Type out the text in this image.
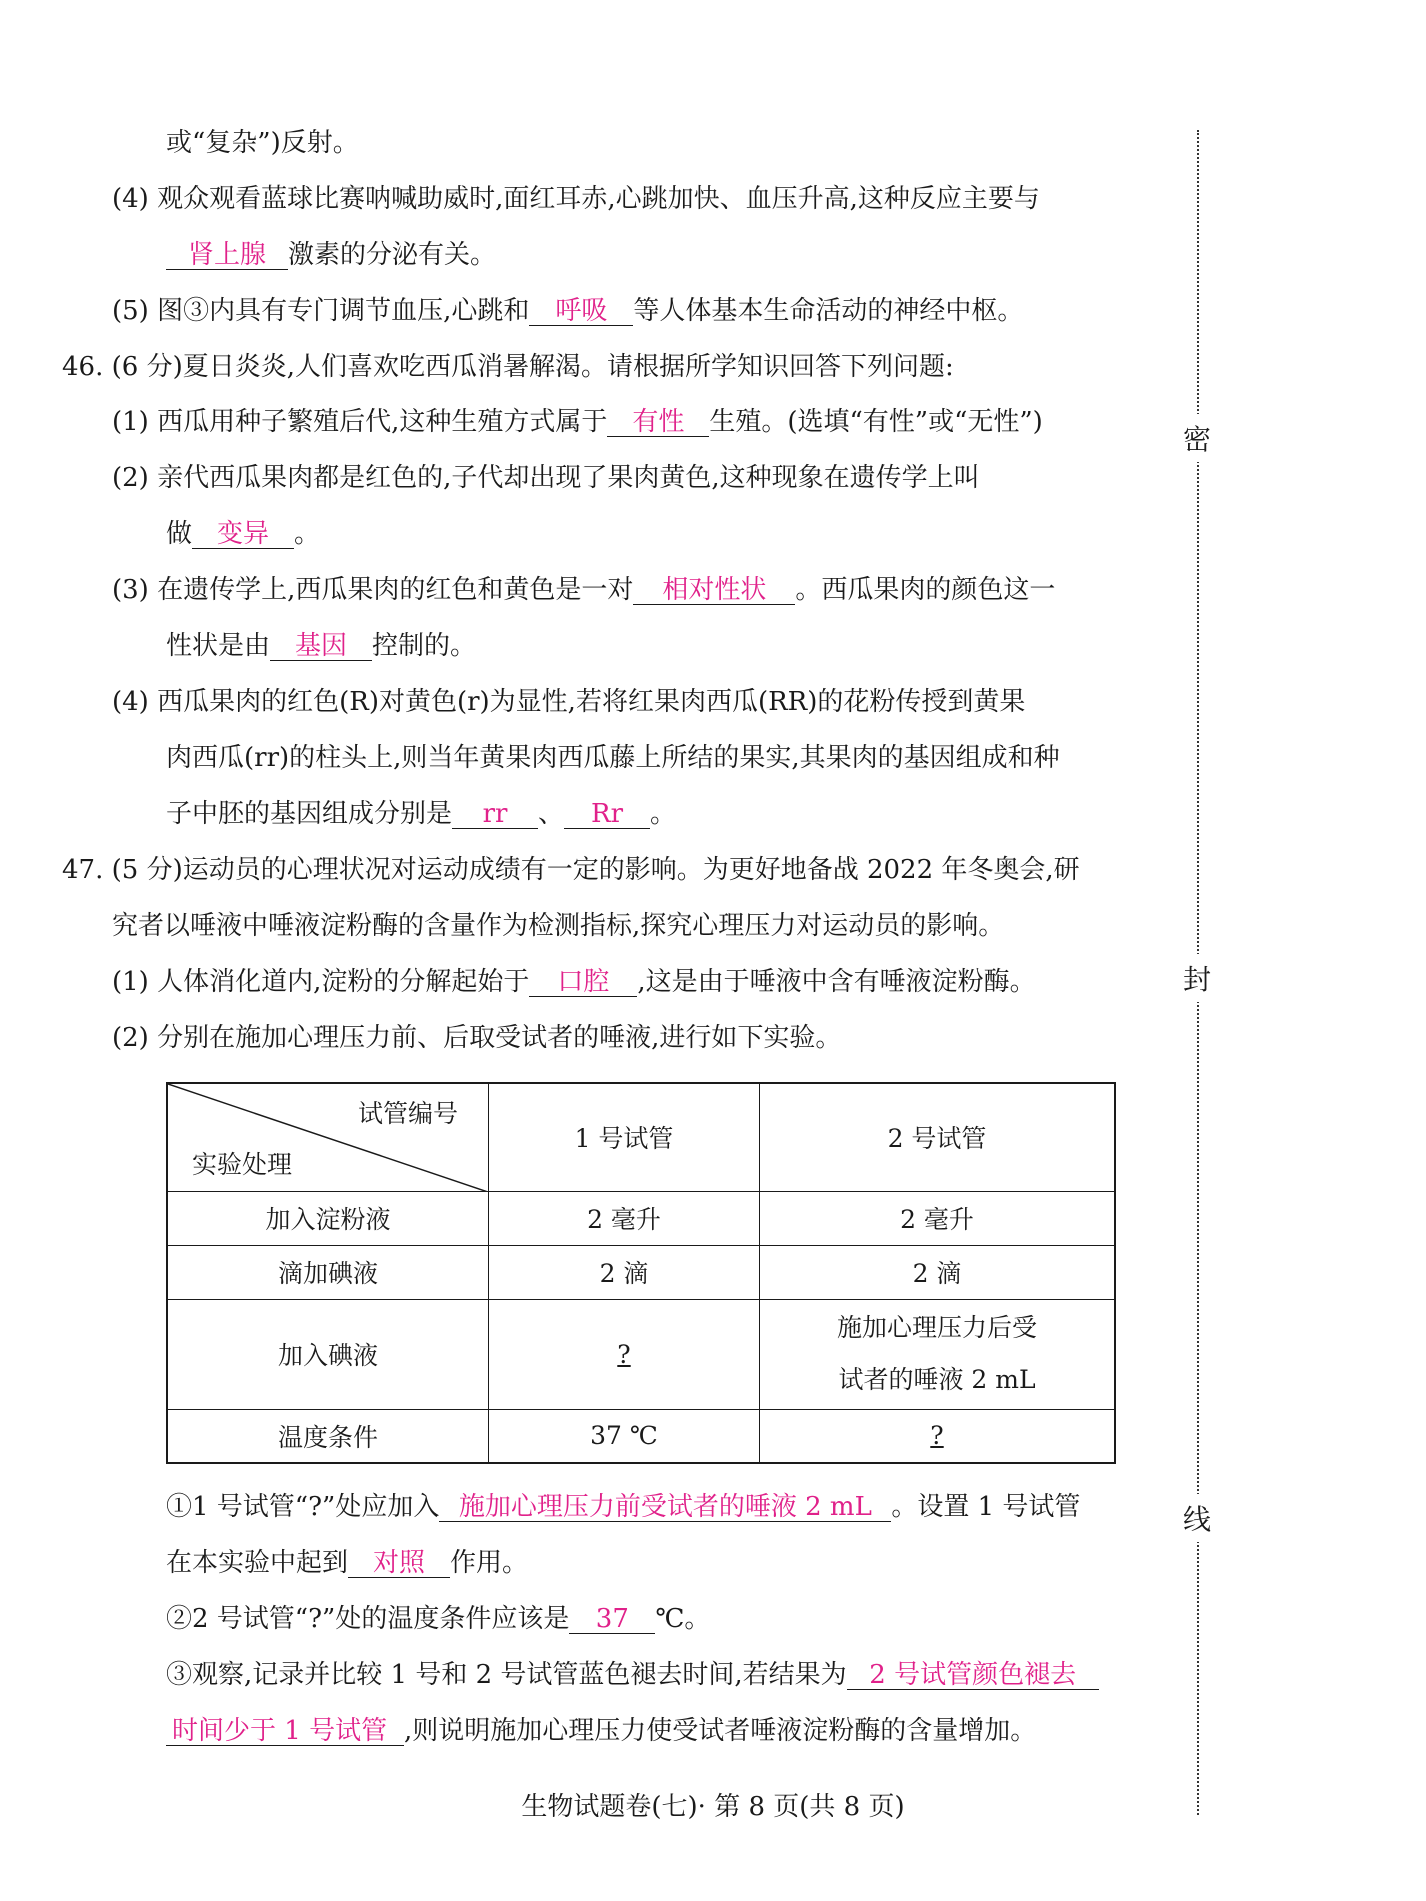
密
封
线
或“复杂”)反射。
(4) 观众观看蓝球比赛呐喊助威时,面红耳赤,心跳加快、血压升高,这种反应主要与
肾上腺 激素的分泌有关。
(5) 图③内具有专门调节血压,心跳和 呼吸 等人体基本生命活动的神经中枢。
46. (6 分)夏日炎炎,人们喜欢吃西瓜消暑解渴。请根据所学知识回答下列问题:
(1) 西瓜用种子繁殖后代,这种生殖方式属于 有性 生殖。(选填“有性”或“无性”)
(2) 亲代西瓜果肉都是红色的,子代却出现了果肉黄色,这种现象在遗传学上叫
做 变异 。
(3) 在遗传学上,西瓜果肉的红色和黄色是一对 相对性状 。西瓜果肉的颜色这一
性状是由 基因 控制的。
(4) 西瓜果肉的红色(R)对黄色(r)为显性,若将红果肉西瓜(RR)的花粉传授到黄果
肉西瓜(rr)的柱头上,则当年黄果肉西瓜藤上所结的果实,其果肉的基因组成和种
子中胚的基因组成分别是 rr 、 Rr 。
47. (5 分)运动员的心理状况对运动成绩有一定的影响。为更好地备战 2022 年冬奥会,研
究者以唾液中唾液淀粉酶的含量作为检测指标,探究心理压力对运动员的影响。
(1) 人体消化道内,淀粉的分解起始于 口腔 ,这是由于唾液中含有唾液淀粉酶。
(2) 分别在施加心理压力前、后取受试者的唾液,进行如下实验。
试管编号
实验处理	1 号试管	2 号试管
加入淀粉液	2 毫升	2 毫升
滴加碘液	2 滴	2 滴
加入碘液	?	施加心理压力后受
试者的唾液 2 mL

温度条件	37 ℃	?
①1 号试管“?”处应加入 施加心理压力前受试者的唾液 2 mL 。设置 1 号试管
在本实验中起到 对照 作用。
②2 号试管“?”处的温度条件应该是 37 ℃。
③观察,记录并比较 1 号和 2 号试管蓝色褪去时间,若结果为 2 号试管颜色褪去
时间少于 1 号试管 ,则说明施加心理压力使受试者唾液淀粉酶的含量增加。
生物试题卷(七)· 第 8 页(共 8 页)
